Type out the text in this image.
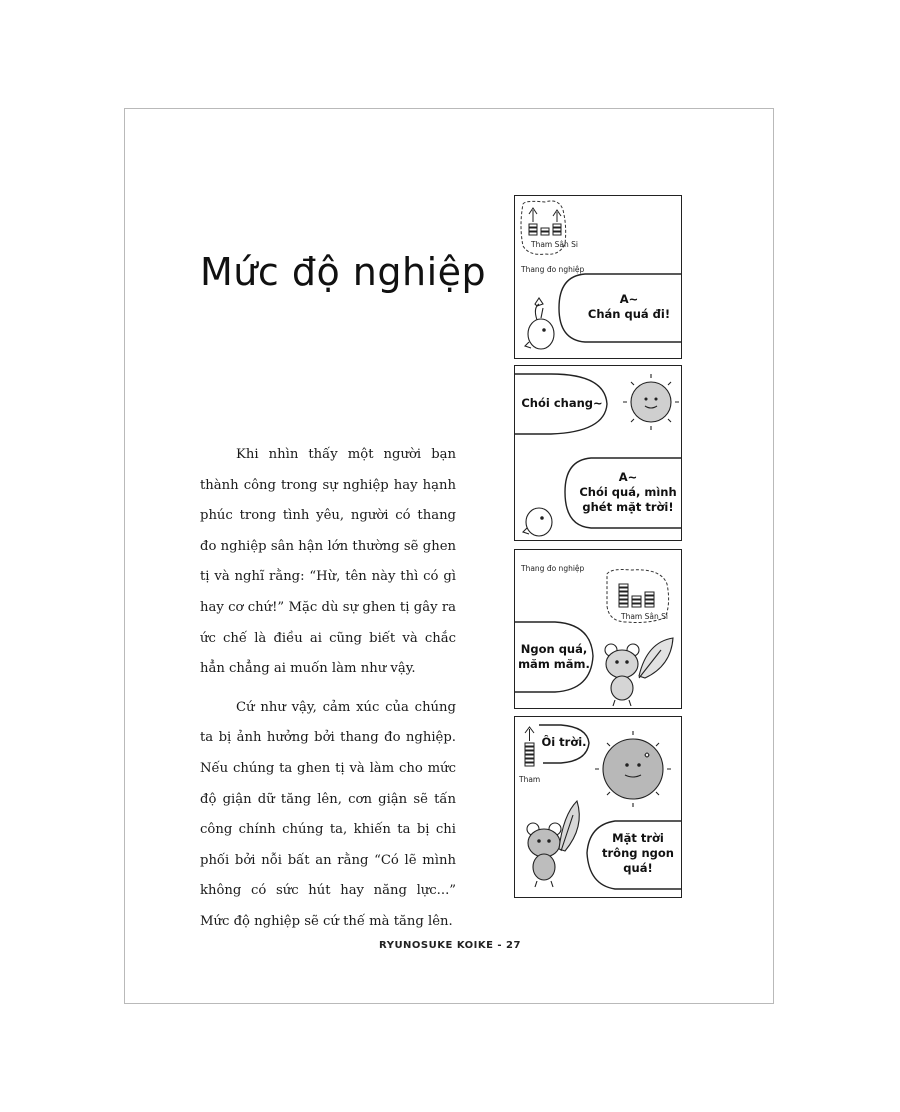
Mức độ nghiệp

Khi nhìn thấy một người bạn thành công trong sự nghiệp hay hạnh phúc trong tình yêu, người có thang đo nghiệp sân hận lớn thường sẽ ghen tị và nghĩ rằng: “Hừ, tên này thì có gì hay cơ chứ!” Mặc dù sự ghen tị gây ra ức chế là điều ai cũng biết và chắc hẳn chẳng ai muốn làm như vậy.

Cứ như vậy, cảm xúc của chúng ta bị ảnh hưởng bởi thang đo nghiệp. Nếu chúng ta ghen tị và làm cho mức độ giận dữ tăng lên, cơn giận sẽ tấn công chính chúng ta, khiến ta bị chi phối bởi nỗi bất an rằng “Có lẽ mình không có sức hút hay năng lực...” Mức độ nghiệp sẽ cứ thế mà tăng lên.

Tham Sân Si
Thang đo nghiệp
A~
Chán quá đi!
Chói chang~
A~
Chói quá, mình
ghét mặt trời!
Thang đo nghiệp
Tham Sân Si
Ngon quá,
măm măm.
Tham
Ôi trời.
Mặt trời
trông ngon
quá!
RYUNOSUKE KOIKE - 27
